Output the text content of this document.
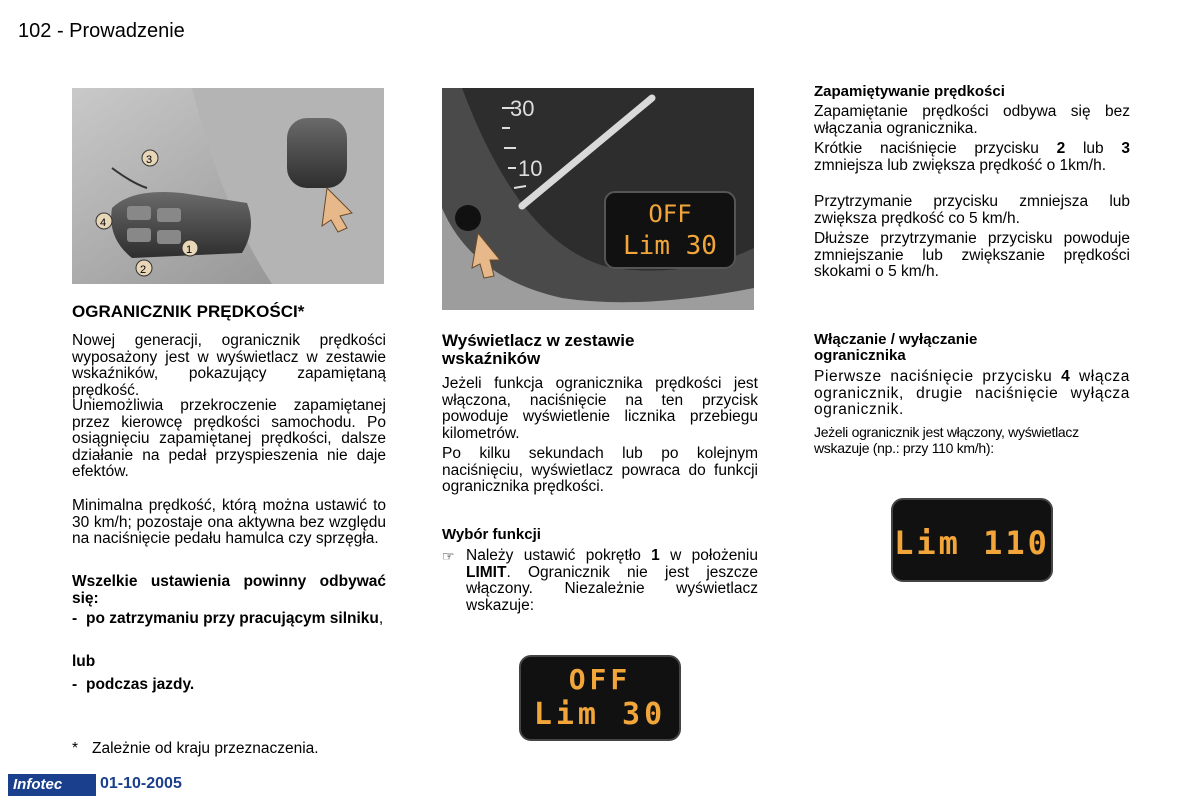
102 - Prowadzenie
3
4
1
2
OGRANICZNIK PRĘDKOŚCI*

Nowej generacji, ogranicznik prędkości wyposażony jest w wyświetlacz w zestawie wskaźników, pokazujący zapamiętaną prędkość.

Uniemożliwia przekroczenie zapamiętanej przez kierowcę prędkości samochodu. Po osiągnięciu zapamiętanej prędkości, dalsze działanie na pedał przyspieszenia nie daje efektów.

Minimalna prędkość, którą można ustawić to 30 km/h; pozostaje ona aktywna bez względu na naciśnięcie pedału hamulca czy sprzęgła.

Wszelkie ustawienia powinny odbywać się:

- po zatrzymaniu przy pracującym silniku,

lub

- podczas jazdy.
* Zależnie od kraju przeznaczenia.
30
10
OFF
Lim 30
Wyświetlacz w zestawie wskaźników

Jeżeli funkcja ogranicznika prędkości jest włączona, naciśnięcie na ten przycisk powoduje wyświetlenie licznika przebiegu kilometrów.

Po kilku sekundach lub po kolejnym naciśnięciu, wyświetlacz powraca do funkcji ogranicznika prędkości.

Wybór funkcji
☞ Należy ustawić pokrętło 1 w położeniu LIMIT. Ogranicznik nie jest jeszcze włączony. Niezależnie wyświetlacz wskazuje:
OFF
Lim 30
Zapamiętywanie prędkości

Zapamiętanie prędkości odbywa się bez włączania ogranicznika.

Krótkie naciśnięcie przycisku 2 lub 3 zmniejsza lub zwiększa prędkość o 1km/h.

Przytrzymanie przycisku zmniejsza lub zwiększa prędkość co 5 km/h.

Dłuższe przytrzymanie przycisku powoduje zmniejszanie lub zwiększanie prędkości skokami o 5 km/h.

Włączanie / wyłączanie ogranicznika

Pierwsze naciśnięcie przycisku 4 włącza ogranicznik, drugie naciśnięcie wyłącza ogranicznik.

Jeżeli ogranicznik jest włączony, wyświetlacz wskazuje (np.: przy 110 km/h):

Lim 110
Infotec	01-10-2005
